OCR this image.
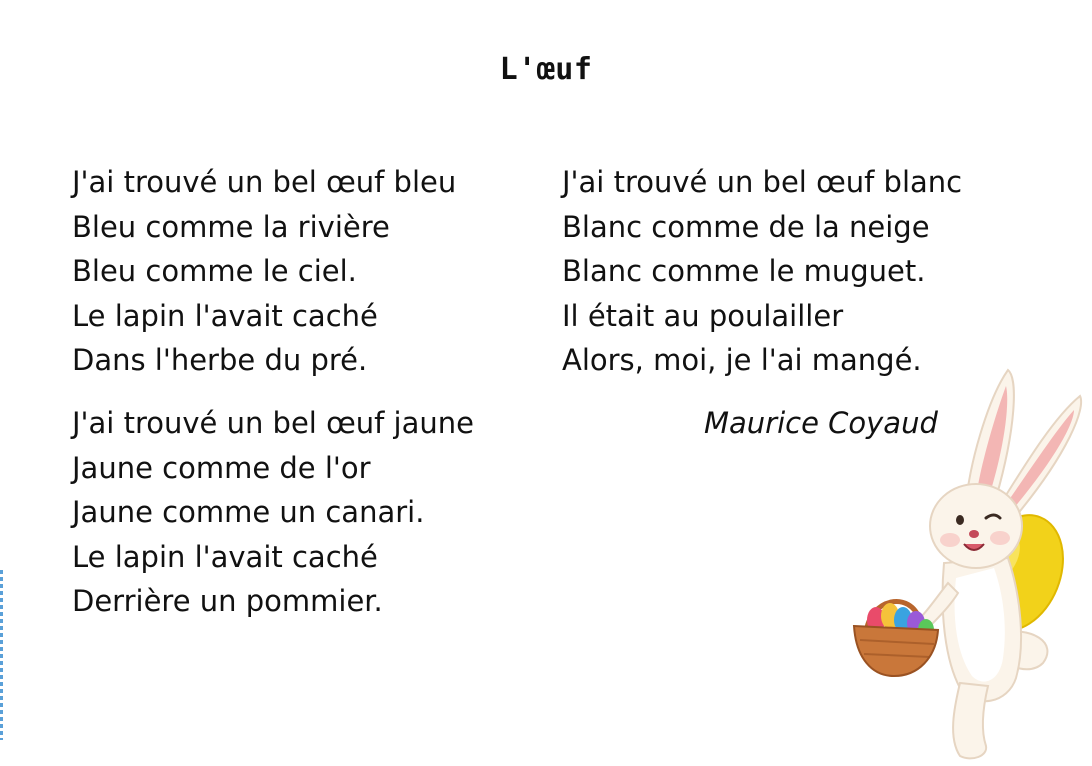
L'œuf
J'ai trouvé un bel œuf bleu
Bleu comme la rivière
Bleu comme le ciel.
Le lapin l'avait caché
Dans l'herbe du pré.
J'ai trouvé un bel œuf jaune
Jaune comme de l'or
Jaune comme un canari.
Le lapin l'avait caché
Derrière un pommier.
J'ai trouvé un bel œuf blanc
Blanc comme de la neige
Blanc comme le muguet.
Il était au poulailler
Alors, moi, je l'ai mangé.
Maurice Coyaud
